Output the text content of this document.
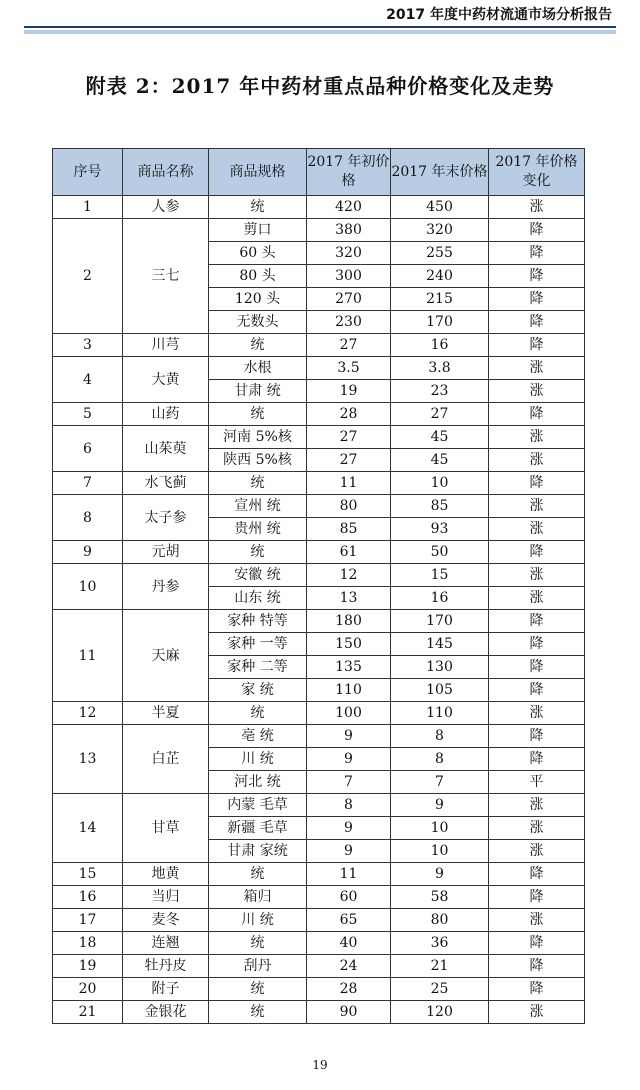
2017 年度中药材流通市场分析报告
附表 2：2017 年中药材重点品种价格变化及走势
序号	商品名称	商品规格	2017 年初价格	2017 年末价格	2017 年价格变化
1	人参	统	420	450	涨
2	三七	剪口	380	320	降
		60 头	320	255	降
		80 头	300	240	降
		120 头	270	215	降
		无数头	230	170	降
3	川芎	统	27	16	降
4	大黄	水根	3.5	3.8	涨
		甘肃 统	19	23	涨
5	山药	统	28	27	降
6	山茱萸	河南 5%核	27	45	涨
		陕西 5%核	27	45	涨
7	水飞蓟	统	11	10	降
8	太子参	宣州 统	80	85	涨
		贵州 统	85	93	涨
9	元胡	统	61	50	降
10	丹参	安徽 统	12	15	涨
		山东 统	13	16	涨
11	天麻	家种 特等	180	170	降
		家种 一等	150	145	降
		家种 二等	135	130	降
		家 统	110	105	降
12	半夏	统	100	110	涨
13	白芷	亳 统	9	8	降
		川 统	9	8	降
		河北 统	7	7	平
14	甘草	内蒙 毛草	8	9	涨
		新疆 毛草	9	10	涨
		甘肃 家统	9	10	涨
15	地黄	统	11	9	降
16	当归	箱归	60	58	降
17	麦冬	川 统	65	80	涨
18	连翘	统	40	36	降
19	牡丹皮	刮丹	24	21	降
20	附子	统	28	25	降
21	金银花	统	90	120	涨
19
